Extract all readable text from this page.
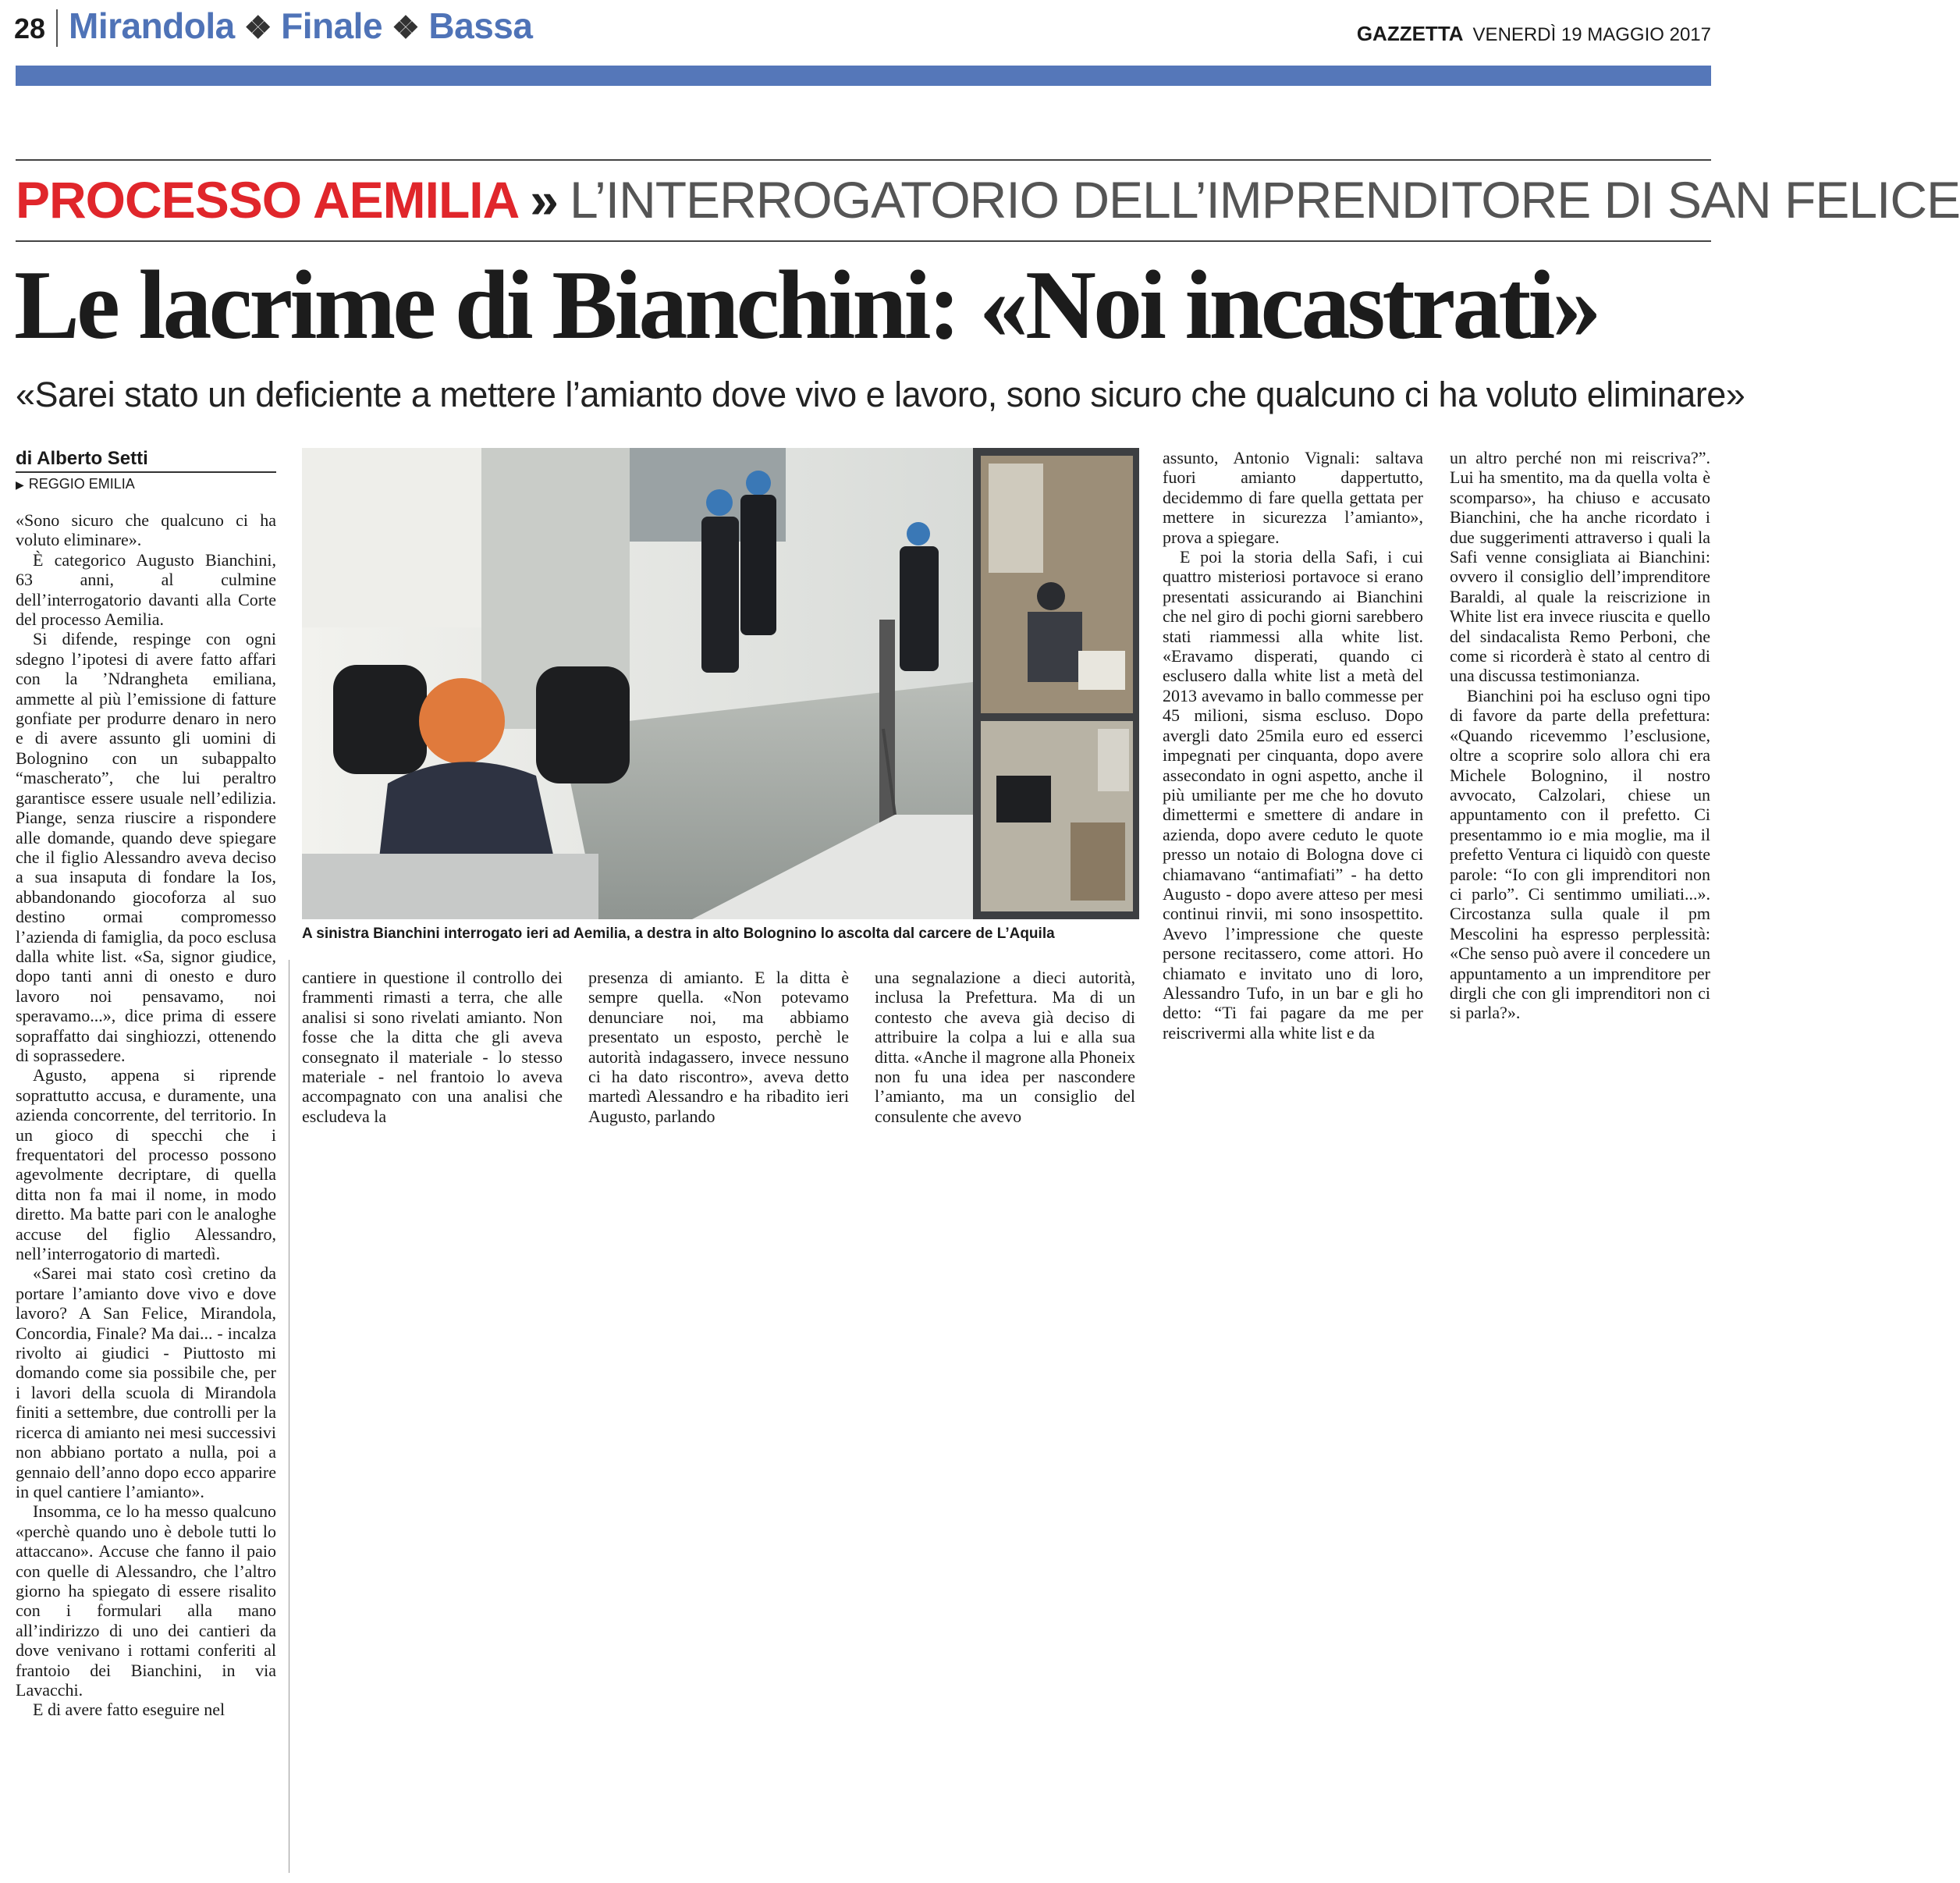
28 Mirandola ❖ Finale ❖ Bassa	GAZZETTA VENERDÌ 19 MAGGIO 2017
PROCESSO AEMILIA » L’INTERROGATORIO DELL’IMPRENDITORE DI SAN FELICE
Le lacrime di Bianchini: «Noi incastrati»
«Sarei stato un deficiente a mettere l’amianto dove vivo e lavoro, sono sicuro che qualcuno ci ha voluto eliminare»
di Alberto Setti
▶ REGGIO EMILIA
A sinistra Bianchini interrogato ieri ad Aemilia, a destra in alto Bolognino lo ascolta dal carcere de L’Aquila

«Sono sicuro che qualcuno ci ha voluto eliminare».

È categorico Augusto Bianchini, 63 anni, al culmine dell’interrogatorio davanti alla Corte del processo Aemilia.

Si difende, respinge con ogni sdegno l’ipotesi di avere fatto affari con la ’Ndrangheta emiliana, ammette al più l’emissione di fatture gonfiate per produrre denaro in nero e di avere assunto gli uomini di Bolognino con un subappalto “mascherato”, che lui peraltro garantisce essere usuale nell’edilizia. Piange, senza riuscire a rispondere alle domande, quando deve spiegare che il figlio Alessandro aveva deciso a sua insaputa di fondare la Ios, abbandonando giocoforza al suo destino ormai compromesso l’azienda di famiglia, da poco esclusa dalla white list. «Sa, signor giudice, dopo tanti anni di onesto e duro lavoro noi pensavamo, noi speravamo...», dice prima di essere sopraffatto dai singhiozzi, ottenendo di soprassedere.

Agusto, appena si riprende soprattutto accusa, e duramente, una azienda concorrente, del territorio. In un gioco di specchi che i frequentatori del processo possono agevolmente decriptare, di quella ditta non fa mai il nome, in modo diretto. Ma batte pari con le analoghe accuse del figlio Alessandro, nell’interrogatorio di martedì.

«Sarei mai stato così cretino da portare l’amianto dove vivo e dove lavoro? A San Felice, Mirandola, Concordia, Finale? Ma dai... - incalza rivolto ai giudici - Piuttosto mi domando come sia possibile che, per i lavori della scuola di Mirandola finiti a settembre, due controlli per la ricerca di amianto nei mesi successivi non abbiano portato a nulla, poi a gennaio dell’anno dopo ecco apparire in quel cantiere l’amianto».

Insomma, ce lo ha messo qualcuno «perchè quando uno è debole tutti lo attaccano». Accuse che fanno il paio con quelle di Alessandro, che l’altro giorno ha spiegato di essere risalito con i formulari alla mano all’indirizzo di uno dei cantieri da dove venivano i rottami conferiti al frantoio dei Bianchini, in via Lavacchi.

E di avere fatto eseguire nel

cantiere in questione il controllo dei frammenti rimasti a terra, che alle analisi si sono rivelati amianto. Non fosse che la ditta che gli aveva consegnato il materiale - lo stesso materiale - nel frantoio lo aveva accompagnato con una analisi che escludeva la

presenza di amianto. E la ditta è sempre quella. «Non potevamo denunciare noi, ma abbiamo presentato un esposto, perchè le autorità indagassero, invece nessuno ci ha dato riscontro», aveva detto martedì Alessandro e ha ribadito ieri Augusto, parlando

una segnalazione a dieci autorità, inclusa la Prefettura. Ma di un contesto che aveva già deciso di attribuire la colpa a lui e alla sua ditta. «Anche il magrone alla Phoneix non fu una idea per nascondere l’amianto, ma un consiglio del consulente che avevo

assunto, Antonio Vignali: saltava fuori amianto dappertutto, decidemmo di fare quella gettata per mettere in sicurezza l’amianto», prova a spiegare.

E poi la storia della Safi, i cui quattro misteriosi portavoce si erano presentati assicurando ai Bianchini che nel giro di pochi giorni sarebbero stati riammessi alla white list. «Eravamo disperati, quando ci esclusero dalla white list a metà del 2013 avevamo in ballo commesse per 45 milioni, sisma escluso. Dopo avergli dato 25mila euro ed esserci impegnati per cinquanta, dopo avere assecondato in ogni aspetto, anche il più umiliante per me che ho dovuto dimettermi e smettere di andare in azienda, dopo avere ceduto le quote presso un notaio di Bologna dove ci chiamavano “antimafiati” - ha detto Augusto - dopo avere atteso per mesi continui rinvii, mi sono insospettito. Avevo l’impressione che queste persone recitassero, come attori. Ho chiamato e invitato uno di loro, Alessandro Tufo, in un bar e gli ho detto: “Ti fai pagare da me per reiscrivermi alla white list e da

un altro perché non mi reiscriva?”. Lui ha smentito, ma da quella volta è scomparso», ha chiuso e accusato Bianchini, che ha anche ricordato i due suggerimenti attraverso i quali la Safi venne consigliata ai Bianchini: ovvero il consiglio dell’imprenditore Baraldi, al quale la reiscrizione in White list era invece riuscita e quello del sindacalista Remo Perboni, che come si ricorderà è stato al centro di una discussa testimonianza.

Bianchini poi ha escluso ogni tipo di favore da parte della prefettura: «Quando ricevemmo l’esclusione, oltre a scoprire solo allora chi era Michele Bolognino, il nostro avvocato, Calzolari, chiese un appuntamento con il prefetto. Ci presentammo io e mia moglie, ma il prefetto Ventura ci liquidò con queste parole: “Io con gli imprenditori non ci parlo”. Ci sentimmo umiliati...». Circostanza sulla quale il pm Mescolini ha espresso perplessità: «Che senso può avere il concedere un appuntamento a un imprenditore per dirgli che con gli imprenditori non ci si parla?».
